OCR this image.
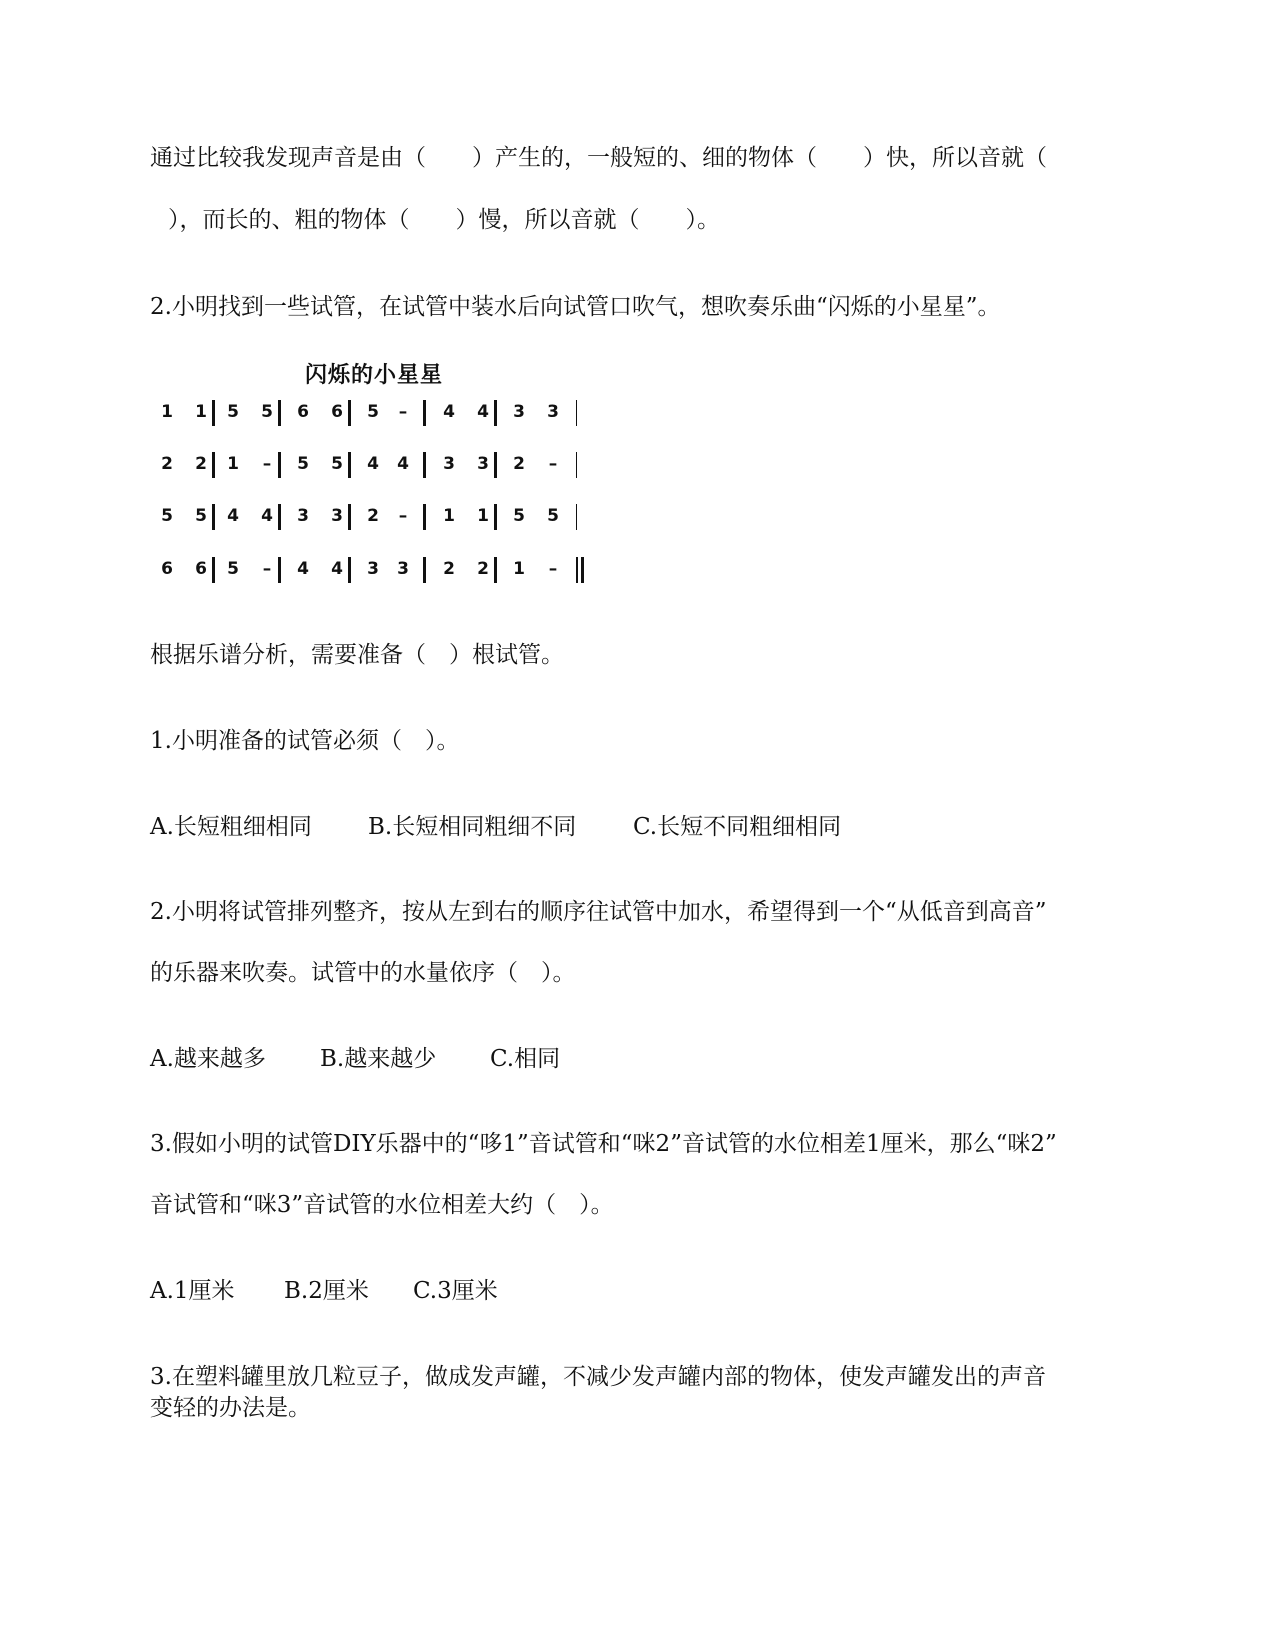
通过比较我发现声音是由（　　）产生的，一般短的、细的物体（　　）快，所以音就（
），而长的、粗的物体（　　）慢，所以音就（　　）。
2.小明找到一些试管，在试管中装水后向试管口吹气，想吹奏乐曲“闪烁的小星星”。
闪烁的小星星
1 1 5 5 6 6 5 – 4 4 3 3
2 2 1 – 5 5 4 4 3 3 2 –
5 5 4 4 3 3 2 – 1 1 5 5
6 6 5 – 4 4 3 3 2 2 1 –
根据乐谱分析，需要准备（　）根试管。
1.小明准备的试管必须（　）。
A.长短粗细相同 B.长短相同粗细不同 C.长短不同粗细相同
2.小明将试管排列整齐，按从左到右的顺序往试管中加水，希望得到一个“从低音到高音”
的乐器来吹奏。试管中的水量依序（　）。
A.越来越多 B.越来越少 C.相同
3.假如小明的试管DIY乐器中的“哆1”音试管和“咪2”音试管的水位相差1厘米，那么“咪2”
音试管和“咪3”音试管的水位相差大约（　）。
A.1厘米 B.2厘米 C.3厘米
3.在塑料罐里放几粒豆子，做成发声罐，不减少发声罐内部的物体，使发声罐发出的声音
变轻的办法是。
